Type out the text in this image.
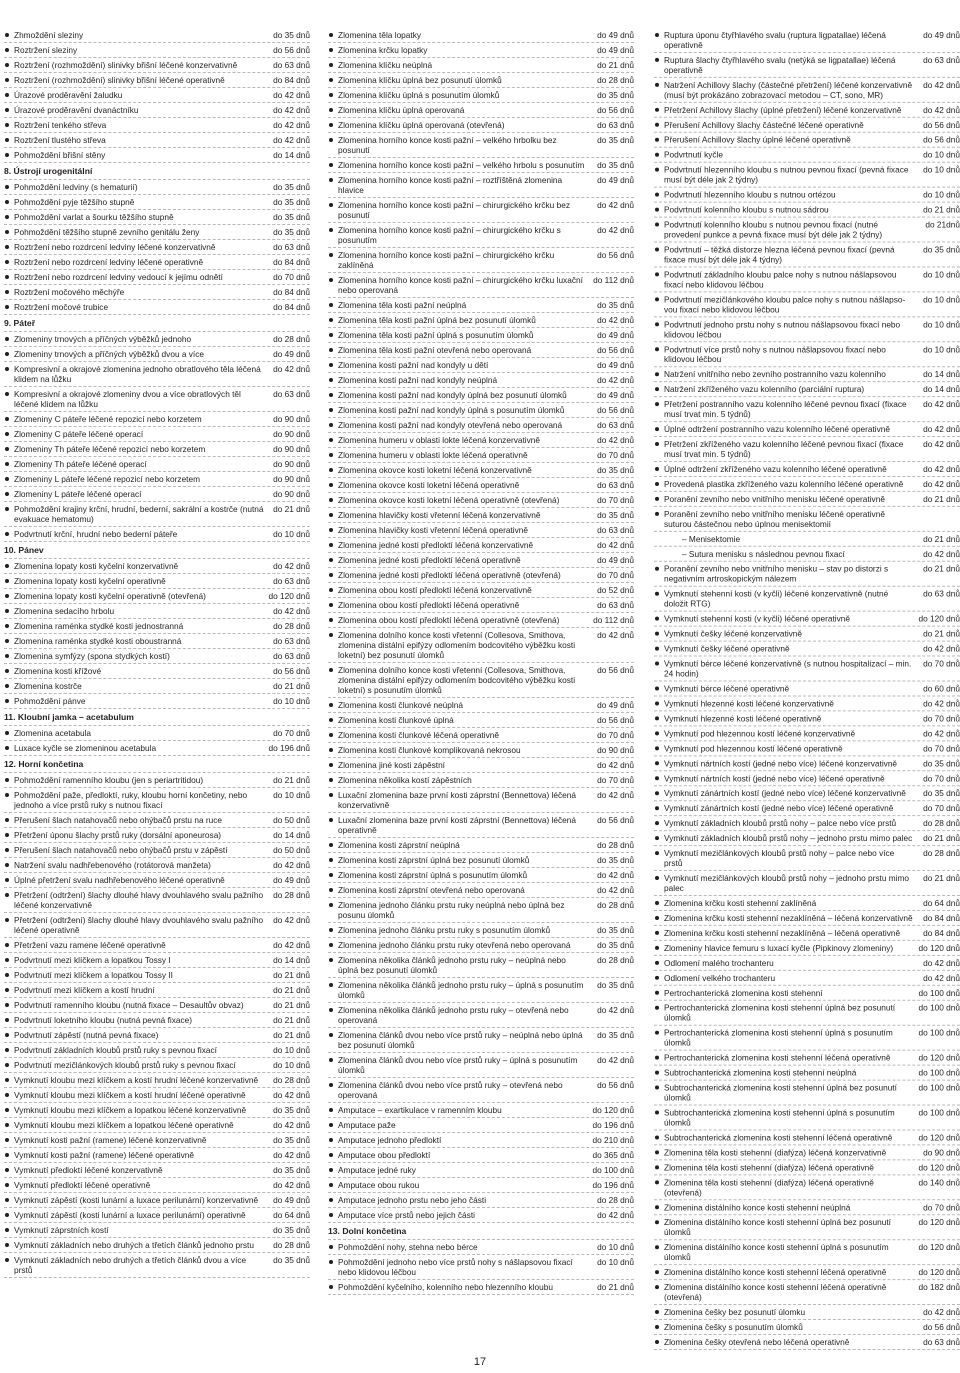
Zhmoždění sleziny	do 35 dnů
Roztržení sleziny	do 56 dnů
Roztržení (rozhmoždění) slinivky břišní léčené konzervativně	do 63 dnů
Roztržení (rozhmoždění) slinivky břišní léčené operativně	do 84 dnů
Úrazové proděravění žaludku	do 42 dnů
Úrazové proděravění dvanáctníku	do 42 dnů
Roztržení tenkého střeva	do 42 dnů
Roztržení tlustého střeva	do 42 dnů
Pohmoždění břišní stěny	do 14 dnů
8. Ústrojí urogenitální
Pohmoždění ledviny (s hematurií)	do 35 dnů
Pohmoždění pyje těžšího stupně	do 35 dnů
Pohmoždění varlat a šourku těžšího stupně	do 35 dnů
Pohmoždění těžšího stupně zevního genitálu ženy	do 35 dnů
Roztržení nebo rozdrcení ledviny léčené konzervativně	do 63 dnů
Roztržení nebo rozdrcení ledviny léčené operativně	do 84 dnů
Roztržení nebo rozdrcení ledviny vedoucí k jejímu odnětí	do 70 dnů
Roztržení močového měchýře	do 84 dnů
Roztržení močové trubice	do 84 dnů
9. Páteř
Zlomeniny trnových a příčných výběžků jednoho	do 28 dnů
Zlomeniny trnových a příčných výběžků dvou a více	do 49 dnů
Kompresivní a okrajové zlomenina jednoho obratlového těla léčená klidem na lůžku
do 42 dnů
Kompresivní a okrajové zlomeniny dvou a více obratlových těl léčené klidem na lůžku
do 63 dnů
Zlomeniny C páteře léčené repozicí nebo korzetem	do 90 dnů
Zlomeniny C páteře léčené operací	do 90 dnů
Zlomeniny Th páteře léčené repozicí nebo korzetem	do 90 dnů
Zlomeniny Th páteře léčené operací	do 90 dnů
Zlomeniny L páteře léčené repozicí nebo korzetem	do 90 dnů
Zlomeniny L páteře léčené operací	do 90 dnů
Pohmoždění krajiny krční, hrudní, bederní, sakrální a kostrče (nutná evakuace hematomu)
do 21 dnů
Podvrtnutí krční, hrudní nebo bederní páteře	do 10 dnů
10. Pánev
Zlomenina lopaty kosti kyčelní konzervativně	do 42 dnů
Zlomenina lopaty kosti kyčelní operativně	do 63 dnů
Zlomenina lopaty kosti kyčelní operativně (otevřená)	do 120 dnů
Zlomenina sedacího hrbolu	do 42 dnů
Zlomenina raménka stydké kosti jednostranná	do 28 dnů
Zlomenina raménka stydké kosti oboustranná	do 63 dnů
Zlomenina symfýzy (spona stydkých kostí)	do 63 dnů
Zlomenina kosti křížové	do 56 dnů
Zlomenina kostrče	do 21 dnů
Pohmoždění pánve	do 10 dnů
11. Kloubní jamka – acetabulum
Zlomenina acetabula	do 70 dnů
Luxace kyčle se zlomeninou acetabula	do 196 dnů
12. Horní končetina
Pohmoždění ramenního kloubu (jen s periartritidou)	do 21 dnů
Pohmoždění paže, předloktí, ruky, kloubu horní končetiny, nebo jednoho a více prstů ruky s nutnou fixací
do 10 dnů
Přerušení šlach natahovačů nebo ohýbačů prstu na ruce	do 50 dnů
Přetržení úponu šlachy prstů ruky (dorsální aponeurosa)	do 14 dnů
Přerušení šlach natahovačů nebo ohýbačů prstu v zápěstí	do 50 dnů
Natržení svalu nadhřebenového (rotátorová manžeta)	do 42 dnů
Úplné přetržení svalu nadhřebenového léčené operativně	do 49 dnů
Přetržení (odtržení) šlachy dlouhé hlavy dvouhlavého svalu pažního léčené konzervativně
do 28 dnů
Přetržení (odtržení) šlachy dlouhé hlavy dvouhlavého svalu pažního léčené operativně
do 42 dnů
Přetržení vazu ramene léčené operativně	do 42 dnů
Podvrtnutí mezi klíčkem a lopatkou Tossy I	do 14 dnů
Podvrtnutí mezi klíčkem a lopatkou Tossy II	do 21 dnů
Podvrtnutí mezi klíčkem a kostí hrudní	do 21 dnů
Podvrtnutí ramenního kloubu (nutná fixace – Desaultův obvaz)	do 21 dnů
Podvrtnutí loketního kloubu (nutná pevná fixace)	do 21 dnů
Podvrtnutí zápěstí (nutná pevná fixace)	do 21 dnů
Podvrtnutí základních kloubů prstů ruky s pevnou fixací	do 10 dnů
Podvrtnutí mezičlánkových kloubů prstů ruky s pevnou fixací	do 10 dnů
Vymknutí kloubu mezi klíčkem a kostí hrudní léčené konzervativně	do 28 dnů
Vymknutí kloubu mezi klíčkem a kostí hrudní léčené operativně	do 42 dnů
Vymknutí kloubu mezi klíčkem a lopatkou léčené konzervativně	do 35 dnů
Vymknutí kloubu mezi klíčkem a lopatkou léčené operativně	do 42 dnů
Vymknutí kosti pažní (ramene) léčené konzervativně	do 35 dnů
Vymknutí kosti pažní (ramene) léčené operativně	do 42 dnů
Vymknutí předloktí léčené konzervativně	do 35 dnů
Vymknutí předloktí léčené operativně	do 42 dnů
Vymknutí zápěstí (kosti lunární a luxace perilunární) konzervativně	do 49 dnů
Vymknutí zápěstí (kosti lunární a luxace perilunární) operativně	do 64 dnů
Vymknutí záprstních kostí	do 35 dnů
Vymknutí základních nebo druhých a třetích článků jednoho prstu	do 28 dnů
Vymknutí základních nebo druhých a třetích článků dvou a více prstů
do 35 dnů
Zlomenina těla lopatky	do 49 dnů
Zlomenina krčku lopatky	do 49 dnů
Zlomenina klíčku neúplná	do 21 dnů
Zlomenina klíčku úplná bez posunutí úlomků	do 28 dnů
Zlomenina klíčku úplná s posunutím úlomků	do 35 dnů
Zlomenina klíčku úplná operovaná	do 56 dnů
Zlomenina klíčku úplná operovaná (otevřená)	do 63 dnů
Zlomenina horního konce kosti pažní – velkého hrbolku bez posunutí
do 35 dnů
Zlomenina horního konce kosti pažní – velkého hrbolu s posunutím	do 35 dnů
Zlomenina horního konce kosti pažní – roztříštěná zlomenina hlavice
do 49 dnů
Zlomenina horního konce kosti pažní – chirurgického krčku bez posunutí
do 42 dnů
Zlomenina horního konce kosti pažní – chirurgického krčku s posunutím
do 42 dnů
Zlomenina horního konce kosti pažní – chirurgického krčku zaklíněná
do 56 dnů
Zlomenina horního konce kosti pažní – chirurgického krčku luxační nebo operovaná
do 112 dnů
Zlomenina těla kosti pažní neúplná	do 35 dnů
Zlomenina těla kosti pažní úplná bez posunutí úlomků	do 42 dnů
Zlomenina těla kosti pažní úplná s posunutím úlomků	do 49 dnů
Zlomenina těla kosti pažní otevřená nebo operovaná	do 56 dnů
Zlomenina kosti pažní nad kondyly u dětí	do 49 dnů
Zlomenina kosti pažní nad kondyly neúplná	do 42 dnů
Zlomenina kosti pažní nad kondyly úplná bez posunutí úlomků	do 49 dnů
Zlomenina kosti pažní nad kondyly úplná s posunutím úlomků	do 56 dnů
Zlomenina kosti pažní nad kondyly otevřená nebo operovaná	do 63 dnů
Zlomenina humeru v oblasti lokte léčená konzervativně	do 42 dnů
Zlomenina humeru v oblasti lokte léčená operativně	do 70 dnů
Zlomenina okovce kosti loketní léčená konzervativně	do 35 dnů
Zlomenina okovce kosti loketní léčená operativně	do 63 dnů
Zlomenina okovce kosti loketní léčená operativně (otevřená)	do 70 dnů
Zlomenina hlavičky kosti vřetenní léčená konzervativně	do 35 dnů
Zlomenina hlavičky kosti vřetenní léčená operativně	do 63 dnů
Zlomenina jedné kosti předloktí léčená konzervativně	do 42 dnů
Zlomenina jedné kosti předloktí léčená operativně	do 49 dnů
Zlomenina jedné kosti předloktí léčená operativně (otevřená)	do 70 dnů
Zlomenina obou kostí předloktí léčená konzervativně	do 52 dnů
Zlomenina obou kostí předloktí léčená operativně	do 63 dnů
Zlomenina obou kostí předloktí léčená operativně (otevřená)	do 112 dnů
Zlomenina dolního konce kosti vřetenní (Collesova, Smithova, zlomenina distální epifýzy odlomením bodcovitého výběžku kosti loketní) bez posunutí úlomků
do 42 dnů
Zlomenina dolního konce kosti vřetenní (Collesova, Smithova, zlomenina distální epifýzy odlomením bodcovitého výběžku kosti loketní) s posunutím úlomků
do 56 dnů
Zlomenina kosti člunkové neúplná	do 49 dnů
Zlomenina kosti člunkové úplná	do 56 dnů
Zlomenina kosti člunkové léčená operativně	do 70 dnů
Zlomenina kosti člunkové komplikovaná nekrosou	do 90 dnů
Zlomenina jiné kosti zápěstní	do 42 dnů
Zlomenina několika kostí zápěstních	do 70 dnů
Luxační zlomenina baze první kosti záprstní (Bennettova) léčená konzervativně
do 42 dnů
Luxační zlomenina baze první kosti záprstní (Bennettova) léčená operativně
do 56 dnů
Zlomenina kosti záprstní neúplná	do 28 dnů
Zlomenina kosti záprstní úplná bez posunutí úlomků	do 35 dnů
Zlomenina kosti záprstní úplná s posunutím úlomků	do 42 dnů
Zlomenina kosti záprstní otevřená nebo operovaná	do 42 dnů
Zlomenina jednoho článku prstu ruky neúplná nebo úplná bez posunu úlomků
do 28 dnů
Zlomenina jednoho článku prstu ruky s posunutím úlomků	do 35 dnů
Zlomenina jednoho článku prstu ruky otevřená nebo operovaná	do 35 dnů
Zlomenina několika článků jednoho prstu ruky – neúplná nebo úplná bez posunutí úlomků
do 28 dnů
Zlomenina několika článků jednoho prstu ruky – úplná s posunutím úlomků
do 35 dnů
Zlomenina několika článků jednoho prstu ruky – otevřená nebo operovaná
do 42 dnů
Zlomenina článků dvou nebo více prstů ruky – neúplná nebo úplná bez posunutí úlomků
do 35 dnů
Zlomenina článků dvou nebo více prstů ruky – úplná s posunutím úlomků
do 42 dnů
Zlomenina článků dvou nebo více prstů ruky – otevřená nebo operovaná
do 56 dnů
Amputace – exartikulace v ramenním kloubu	do 120 dnů
Amputace paže	do 196 dnů
Amputace jednoho předloktí	do 210 dnů
Amputace obou předloktí	do 365 dnů
Amputace jedné ruky	do 100 dnů
Amputace obou rukou	do 196 dnů
Amputace jednoho prstu nebo jeho části	do 28 dnů
Amputace více prstů nebo jejich části	do 42 dnů
13. Dolní končetina
Pohmoždění nohy, stehna nebo bérce	do 10 dnů
Pohmoždění jednoho nebo více prstů nohy s nášlapsovou fixací nebo klidovou léčbou
do 10 dnů
Pohmoždění kyčelního, kolenního nebo hlezenního kloubu	do 21 dnů
Ruptura úponu čtyřhlavého svalu (ruptura ligpatallae) léčená operativně
do 49 dnů
Ruptura šlachy čtyřhlavého svalu (netýká se ligpatallae) léčená operativně
do 63 dnů
Natržení Achillovy šlachy (částečné přetržení) léčené konzervativně (musí být prokázáno zobrazovací metodou – CT, sono, MR)
do 42 dnů
Přetržení Achillovy šlachy (úplné přetržení) léčené konzervativně	do 42 dnů
Přerušení Achillovy šlachy částečné léčené operativně	do 56 dnů
Přerušení Achillovy šlachy úplné léčené operativně	do 56 dnů
Podvrtnutí kyčle	do 10 dnů
Podvrtnutí hlezenního kloubu s nutnou pevnou fixací (pevná fixace musí být déle jak 2 týdny)
do 10 dnů
Podvrtnutí hlezenního kloubu s nutnou ortézou	do 10 dnů
Podvrtnutí kolenního kloubu s nutnou sádrou	do 21 dnů
Podvrtnutí kolenního kloubu s nutnou pevnou fixací (nutné provedení punkce a pevná fixace musí být déle jak 2 týdny)
do 21dnů
Podvrtnutí – těžká distorze hlezna léčená pevnou fixací (pevná fixace musí být déle jak 4 týdny)
do 35 dnů
Podvrtnutí základního kloubu palce nohy s nutnou nášlapsovou fixací nebo klidovou léčbou
do 10 dnů
Podvrtnutí mezičlánkového kloubu palce nohy s nutnou nášlapso- vou fixací nebo klidovou léčbou
do 10 dnů
Podvrtnutí jednoho prstu nohy s nutnou nášlapsovou fixací nebo klidovou léčbou
do 10 dnů
Podvrtnutí více prstů nohy s nutnou nášlapsovou fixací nebo klidovou léčbou
do 10 dnů
Natržení vnitřního nebo zevního postranního vazu kolenního	do 14 dnů
Natržení zkříženého vazu kolenního (parciální ruptura)	do 14 dnů
Přetržení postranního vazu kolenního léčené pevnou fixací (fixace musí trvat min. 5 týdnů)
do 42 dnů
Úplné odtržení postranního vazu kolenního léčené operativně	do 42 dnů
Přetržení zkříženého vazu kolenního léčené pevnou fixací (fixace musí trvat min. 5 týdnů)
do 42 dnů
Úplné odtržení zkříženého vazu kolenního léčené operativně	do 42 dnů
Provedená plastika zkříženého vazu kolenního léčené operativně	do 42 dnů
Poranění zevního nebo vnitřního menisku léčené operativně	do 21 dnů
Poranění zevního nebo vnitřního menisku léčené operativně suturou částečnou nebo úplnou menisektomií
– Menisektomie	do 21 dnů
– Sutura menisku s následnou pevnou fixací	do 42 dnů
Poranění zevního nebo vnitřního menisku – stav po distorzi s negativním artroskopickým nálezem
do 21 dnů
Vymknutí stehenní kosti (v kyčli) léčené konzervativně (nutné doložit RTG)
do 63 dnů
Vymknutí stehenní kosti (v kyčli) léčené operativně	do 120 dnů
Vymknutí češky léčené konzervativně	do 21 dnů
Vymknutí češky léčené operativně	do 42 dnů
Vymknutí bérce léčené konzervativně (s nutnou hospitalizací – min. 24 hodin)
do 70 dnů
Vymknutí bérce léčené operativně	do 60 dnů
Vymknutí hlezenné kosti léčené konzervativně	do 42 dnů
Vymknutí hlezenné kosti léčené operativně	do 70 dnů
Vymknutí pod hlezennou kostí léčené konzervativně	do 42 dnů
Vymknutí pod hlezennou kostí léčené operativně	do 70 dnů
Vymknutí nártních kostí (jedné nebo více) léčené konzervativně	do 35 dnů
Vymknutí nártních kostí (jedné nebo více) léčené operativně	do 70 dnů
Vymknutí zánártních kostí (jedné nebo více) léčené konzervativně	do 35 dnů
Vymknutí zánártních kostí (jedné nebo více) léčené operativně	do 70 dnů
Vymknutí základních kloubů prstů nohy – palce nebo více prstů	do 28 dnů
Vymknutí základních kloubů prstů nohy – jednoho prstu mimo palec	do 21 dnů
Vymknutí mezičlánkových kloubů prstů nohy – palce nebo více prstů
do 28 dnů
Vymknutí mezičlánkových kloubů prstů nohy – jednoho prstu mimo palec
do 21 dnů
Zlomenina krčku kosti stehenní zaklíněná	do 64 dnů
Zlomenina krčku kosti stehenní nezaklíněná – léčená konzervativně	do 84 dnů
Zlomenina krčku kosti stehenní nezaklíněná – léčená operativně	do 84 dnů
Zlomeniny hlavice femuru s luxací kyčle (Pipkinovy zlomeniny)	do 120 dnů
Odlomení malého trochanteru	do 42 dnů
Odlomení velkého trochanteru	do 42 dnů
Pertrochanterická zlomenina kosti stehenní	do 100 dnů
Pertrochanterická zlomenina kosti stehenní úplná bez posunutí úlomků
do 100 dnů
Pertrochanterická zlomenina kosti stehenní úplná s posunutím úlomků
do 100 dnů
Pertrochanterická zlomenina kosti stehenní léčená operativně	do 120 dnů
Subtrochanterická zlomenina kosti stehenní neúplná	do 100 dnů
Subtrochanterická zlomenina kosti stehenní úplná bez posunutí úlomků
do 100 dnů
Subtrochanterická zlomenina kosti stehenní úplná s posunutím úlomků
do 100 dnů
Subtrochanterická zlomenina kosti stehenní léčená operativně	do 120 dnů
Zlomenina těla kosti stehenní (diafýza) léčená konzervativně	do 90 dnů
Zlomenina těla kosti stehenní (diafýza) léčená operativně	do 120 dnů
Zlomenina těla kosti stehenní (diafýza) léčená operativně (otevřená)
do 140 dnů
Zlomenina distálního konce kosti stehenní neúplná	do 70 dnů
Zlomenina distálního konce kosti stehenní úplná bez posunutí úlomků
do 120 dnů
Zlomenina distálního konce kosti stehenní úplná s posunutím úlomků
do 120 dnů
Zlomenina distálního konce kosti stehenní léčená operativně	do 120 dnů
Zlomenina distálního konce kosti stehenní léčená operativně (otevřená)
do 182 dnů
Zlomenina češky bez posunutí úlomku	do 42 dnů
Zlomenina češky s posunutím úlomků	do 56 dnů
Zlomenina češky otevřená nebo léčená operativně	do 63 dnů
17
